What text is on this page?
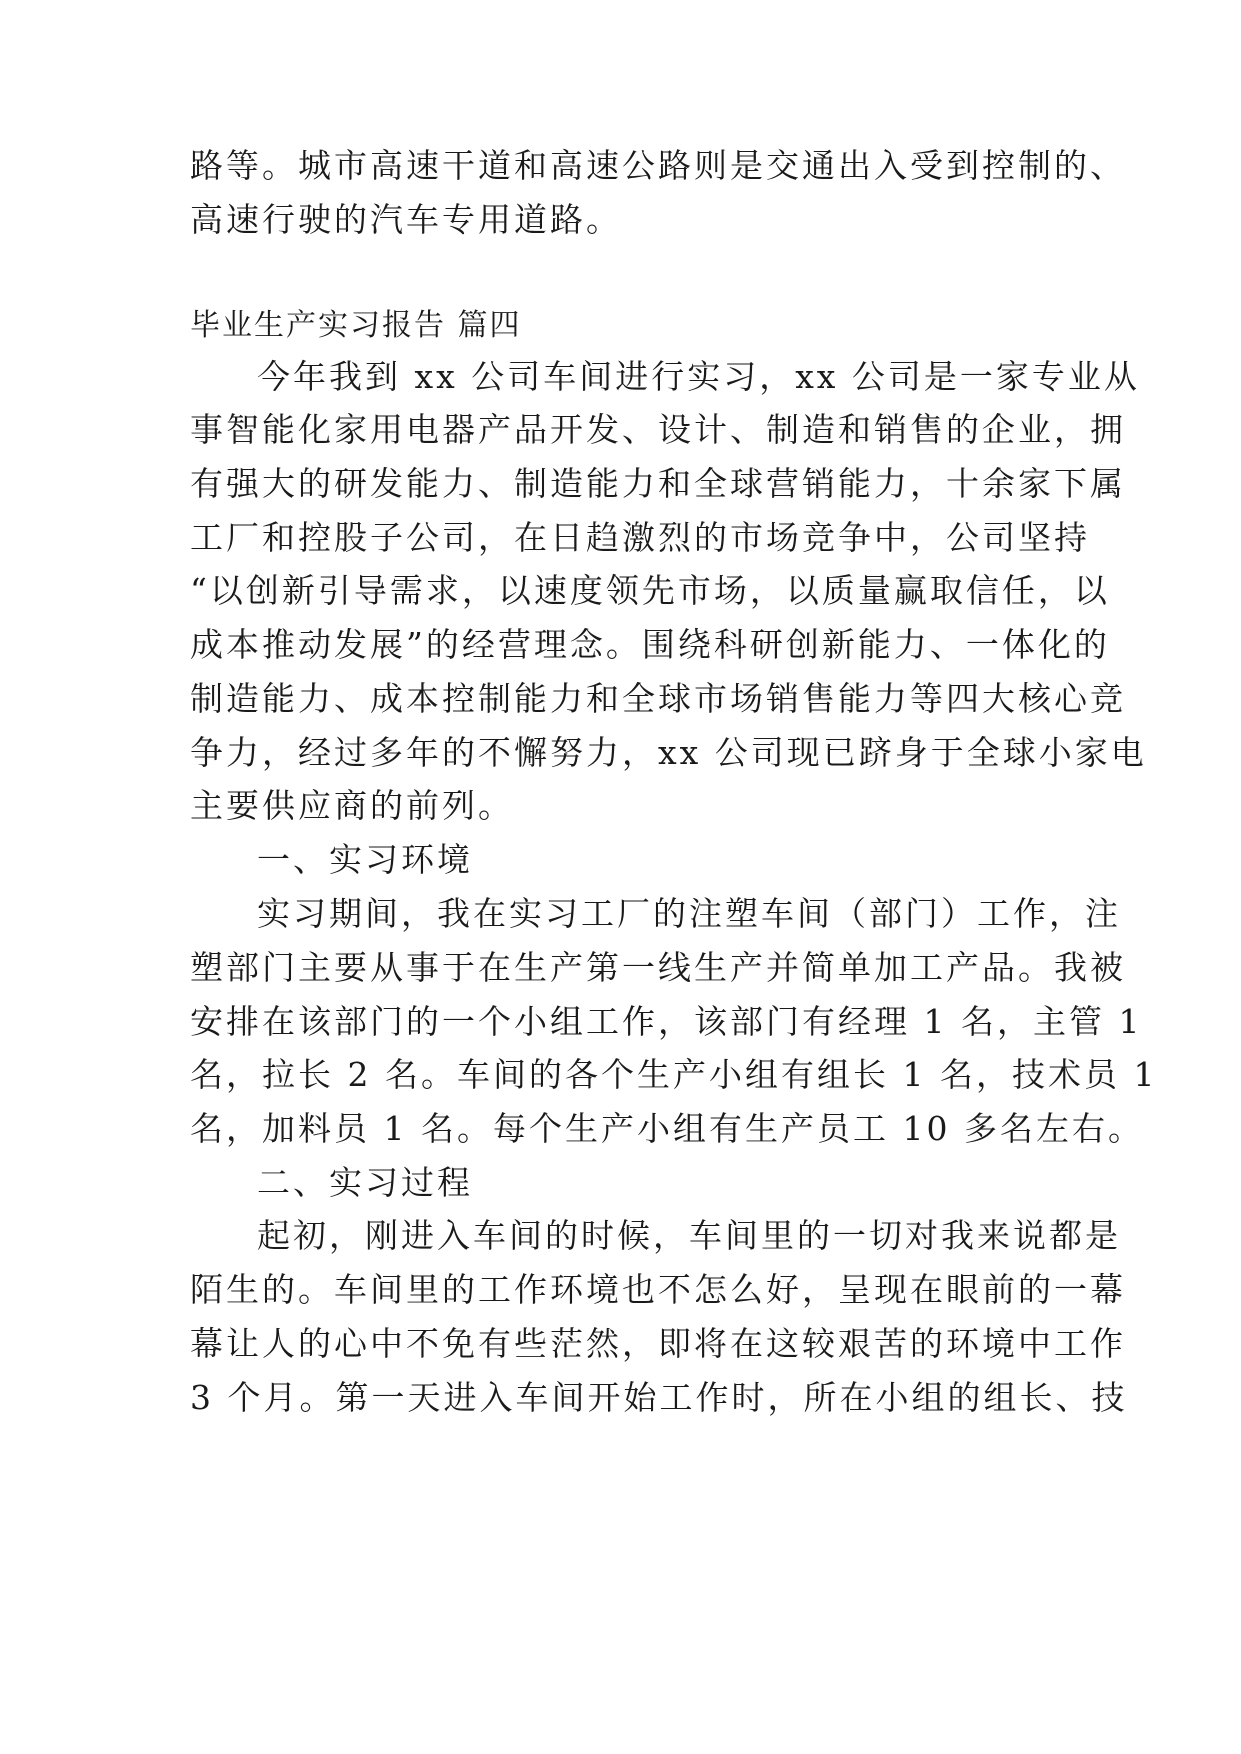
路等。城市高速干道和高速公路则是交通出入受到控制的、
高速行驶的汽车专用道路。
毕业生产实习报告 篇四
今年我到 xx 公司车间进行实习，xx 公司是一家专业从
事智能化家用电器产品开发、设计、制造和销售的企业，拥
有强大的研发能力、制造能力和全球营销能力，十余家下属
工厂和控股子公司，在日趋激烈的市场竞争中，公司坚持
“以创新引导需求，以速度领先市场，以质量赢取信任，以
成本推动发展”的经营理念。围绕科研创新能力、一体化的
制造能力、成本控制能力和全球市场销售能力等四大核心竞
争力，经过多年的不懈努力，xx 公司现已跻身于全球小家电
主要供应商的前列。
一、实习环境
实习期间，我在实习工厂的注塑车间（部门）工作，注
塑部门主要从事于在生产第一线生产并简单加工产品。我被
安排在该部门的一个小组工作，该部门有经理 1 名，主管 1
名，拉长 2 名。车间的各个生产小组有组长 1 名，技术员 1
名，加料员 1 名。每个生产小组有生产员工 10 多名左右。
二、实习过程
起初，刚进入车间的时候，车间里的一切对我来说都是
陌生的。车间里的工作环境也不怎么好，呈现在眼前的一幕
幕让人的心中不免有些茫然，即将在这较艰苦的环境中工作
3 个月。第一天进入车间开始工作时，所在小组的组长、技
